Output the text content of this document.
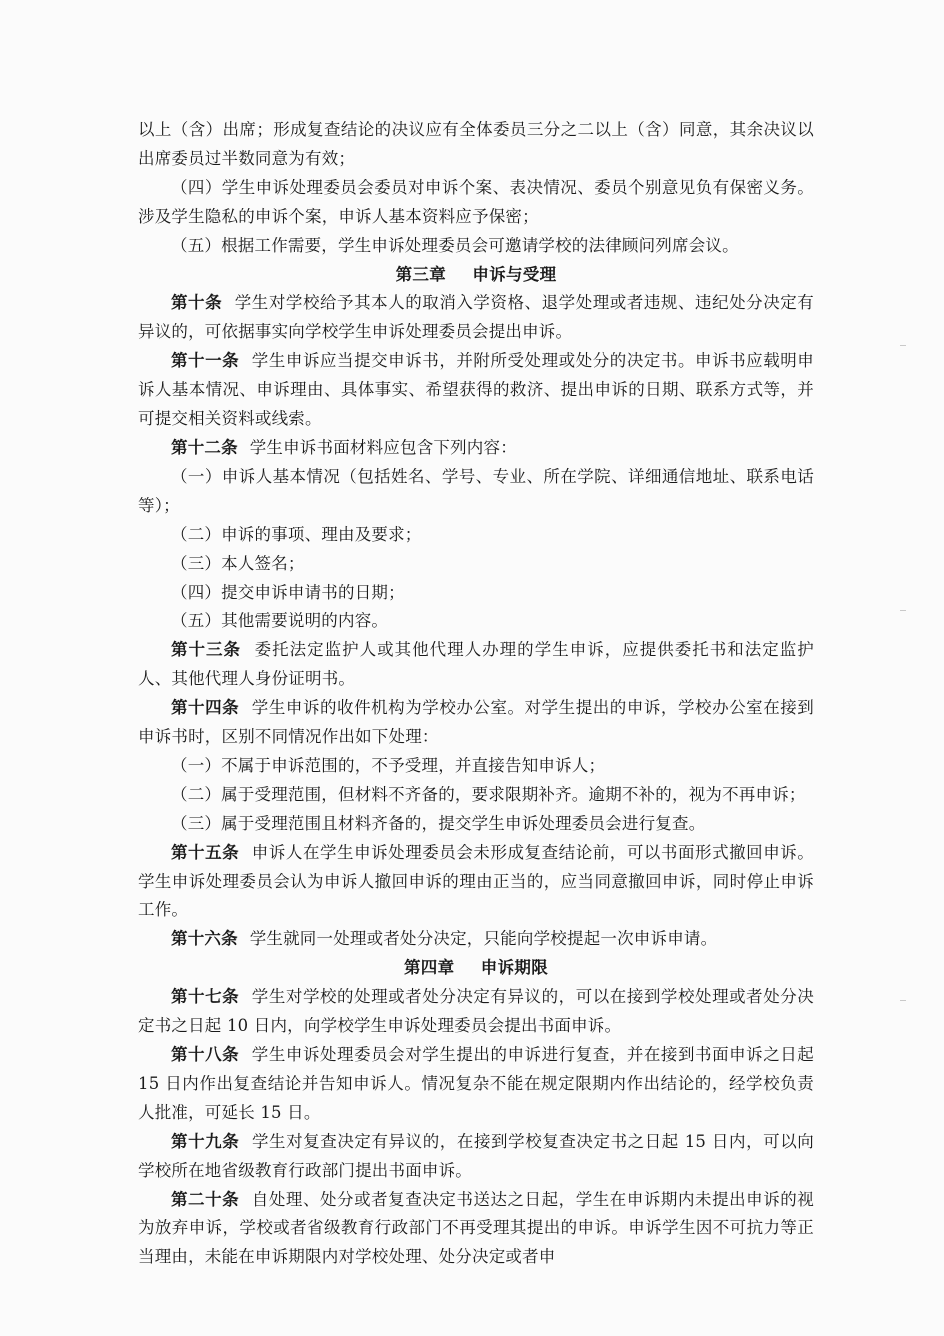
以上（含）出席；形成复查结论的决议应有全体委员三分之二以上（含）同意，其余决议以出席委员过半数同意为有效；

（四）学生申诉处理委员会委员对申诉个案、表决情况、委员个别意见负有保密义务。涉及学生隐私的申诉个案，申诉人基本资料应予保密；

（五）根据工作需要，学生申诉处理委员会可邀请学校的法律顾问列席会议。

第三章 申诉与受理

第十条 学生对学校给予其本人的取消入学资格、退学处理或者违规、违纪处分决定有异议的，可依据事实向学校学生申诉处理委员会提出申诉。

第十一条 学生申诉应当提交申诉书，并附所受处理或处分的决定书。申诉书应载明申诉人基本情况、申诉理由、具体事实、希望获得的救济、提出申诉的日期、联系方式等，并可提交相关资料或线索。

第十二条 学生申诉书面材料应包含下列内容：

（一）申诉人基本情况（包括姓名、学号、专业、所在学院、详细通信地址、联系电话等）；

（二）申诉的事项、理由及要求；

（三）本人签名；

（四）提交申诉申请书的日期；

（五）其他需要说明的内容。

第十三条 委托法定监护人或其他代理人办理的学生申诉，应提供委托书和法定监护人、其他代理人身份证明书。

第十四条 学生申诉的收件机构为学校办公室。对学生提出的申诉，学校办公室在接到申诉书时，区别不同情况作出如下处理：

（一）不属于申诉范围的，不予受理，并直接告知申诉人；

（二）属于受理范围，但材料不齐备的，要求限期补齐。逾期不补的，视为不再申诉；

（三）属于受理范围且材料齐备的，提交学生申诉处理委员会进行复查。

第十五条 申诉人在学生申诉处理委员会未形成复查结论前，可以书面形式撤回申诉。学生申诉处理委员会认为申诉人撤回申诉的理由正当的，应当同意撤回申诉，同时停止申诉工作。

第十六条 学生就同一处理或者处分决定，只能向学校提起一次申诉申请。

第四章 申诉期限

第十七条 学生对学校的处理或者处分决定有异议的，可以在接到学校处理或者处分决定书之日起 10 日内，向学校学生申诉处理委员会提出书面申诉。

第十八条 学生申诉处理委员会对学生提出的申诉进行复查，并在接到书面申诉之日起 15 日内作出复查结论并告知申诉人。情况复杂不能在规定限期内作出结论的，经学校负责人批准，可延长 15 日。

第十九条 学生对复查决定有异议的，在接到学校复查决定书之日起 15 日内，可以向学校所在地省级教育行政部门提出书面申诉。

第二十条 自处理、处分或者复查决定书送达之日起，学生在申诉期内未提出申诉的视为放弃申诉，学校或者省级教育行政部门不再受理其提出的申诉。申诉学生因不可抗力等正当理由，未能在申诉期限内对学校处理、处分决定或者申
